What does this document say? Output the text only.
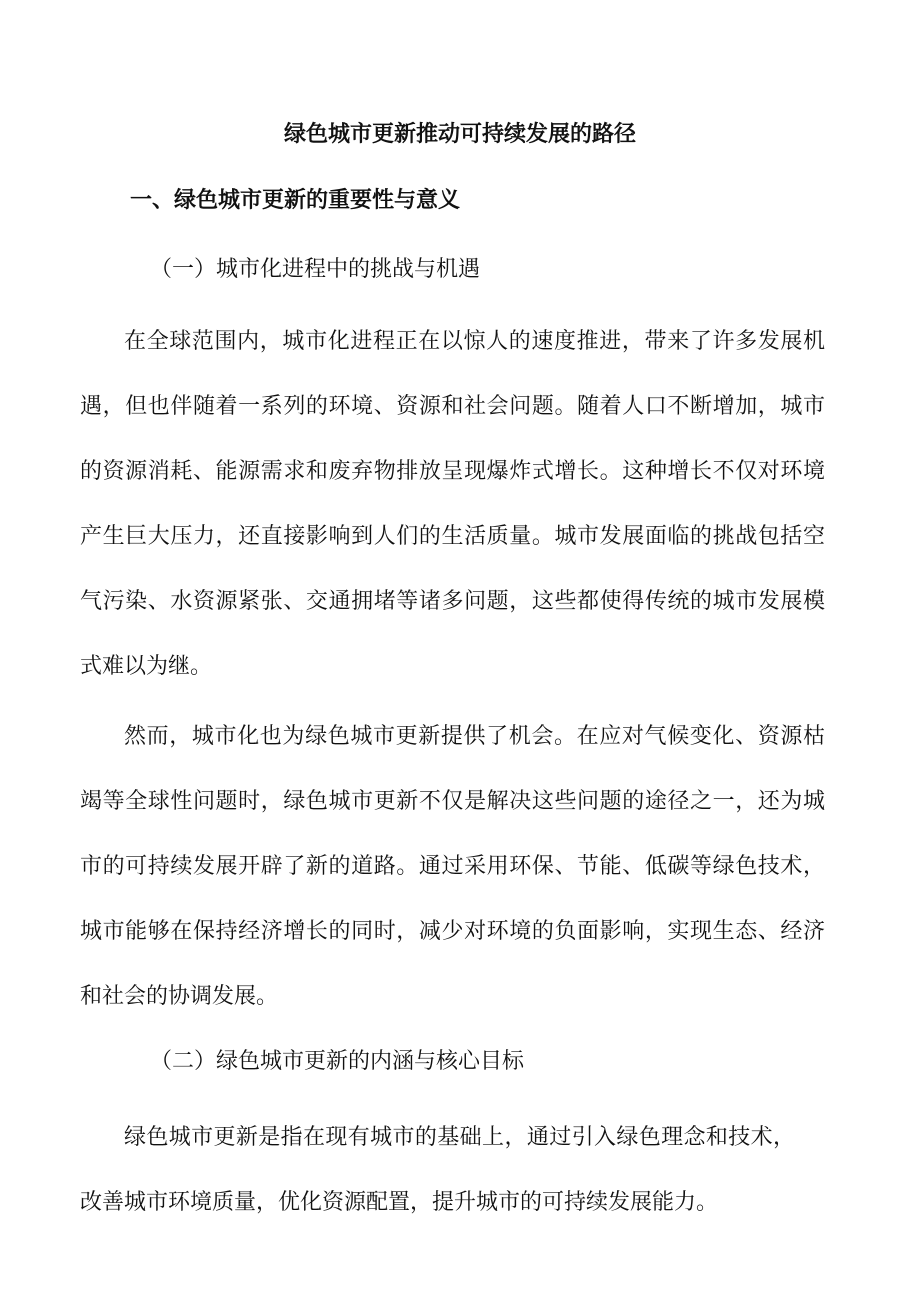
绿色城市更新推动可持续发展的路径
一、绿色城市更新的重要性与意义
（一）城市化进程中的挑战与机遇

在全球范围内，城市化进程正在以惊人的速度推进，带来了许多发展机遇，但也伴随着一系列的环境、资源和社会问题。随着人口不断增加，城市的资源消耗、能源需求和废弃物排放呈现爆炸式增长。这种增长不仅对环境产生巨大压力，还直接影响到人们的生活质量。城市发展面临的挑战包括空气污染、水资源紧张、交通拥堵等诸多问题，这些都使得传统的城市发展模式难以为继。

然而，城市化也为绿色城市更新提供了机会。在应对气候变化、资源枯竭等全球性问题时，绿色城市更新不仅是解决这些问题的途径之一，还为城市的可持续发展开辟了新的道路。通过采用环保、节能、低碳等绿色技术，城市能够在保持经济增长的同时，减少对环境的负面影响，实现生态、经济和社会的协调发展。

（二）绿色城市更新的内涵与核心目标

绿色城市更新是指在现有城市的基础上，通过引入绿色理念和技术，改善城市环境质量，优化资源配置，提升城市的可持续发展能力。
